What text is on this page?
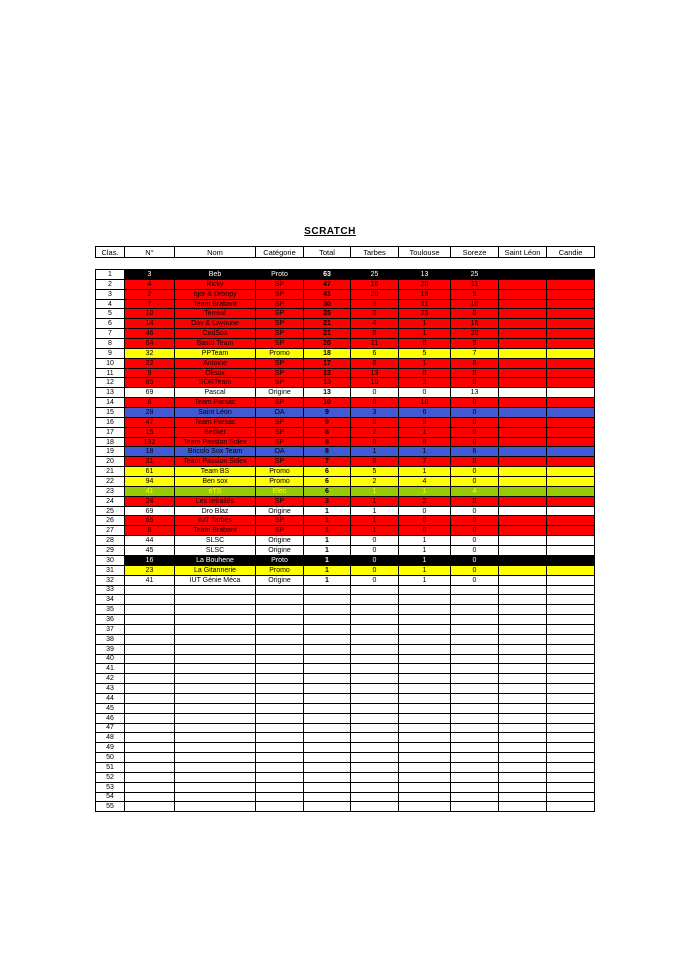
SCRATCH
Clas.	N°	Nom	Catégorie	Total	Tarbes	Toulouse	Soreze	Saint Léon	Candie
1	3	Beb	Proto	63	25	13	25		
2	4	Ricky	SP	47	16	20	11		
3	2	Igor & Droopy	SP	41	20	16	5		
4	7	Team Brabant	SP	30	9	11	10		
5	10	Terreal	SP	25	0	25	0		
6	14	Dav & Layoune	SP	21	4	1	16		
7	46	CedSox	SP	21	0	1	20		
8	64	Basto Team	SP	20	11	0	9		
9	32	PPTeam	Promo	18	6	5	7		
10	22	Antoine	SP	17	8	1	8		
11	9	Olisox	SP	13	13	0	0		
12	85	SORTeam	SP	13	10	3	0		
13	69	Pascal	Origine	13	0	0	13		
14	6	Team Parsac	SP	10	0	10	0		
15	28	Saint Léon	OA	9	3	6	0		
16	47	Team Parsac	SP	9	0	9	0		
17	15	Becker	SP	8	7	1	0		
18	132	Team Passion Solex	SP	8	0	8	0		
19	18	Bricolo Sox Team	OA	8	1	1	6		
20	31	Team Passion Solex	SP	7	0	7	0		
21	61	Team BS	Promo	6	5	1	0		
22	94	Ben sox	Promo	6	2	4	0		
23	41	eTS	Elec	6	1	1	4		
24	24	Les retraités	SP	3	1	2	0		
25	69	Dro Blaz	Origine	1	1	0	0		
26	65	IUT Tarbes	SP	1	1	0	0		
27	6	Team Brabant	SP	1	1	0	0		
28	44	SLSC	Origine	1	0	1	0		
29	45	SLSC	Origine	1	0	1	0		
30	16	La Bouhene	Proto	1	0	1	0		
31	23	La Gitannerie	Promo	1	0	1	0		
32	41	IUT Génie Méca	Origine	1	0	1	0		
33									
34									
35									
36									
37									
38									
39									
40									
41									
42									
43									
44									
45									
46									
47									
48									
49									
50									
51									
52									
53									
54									
55									
